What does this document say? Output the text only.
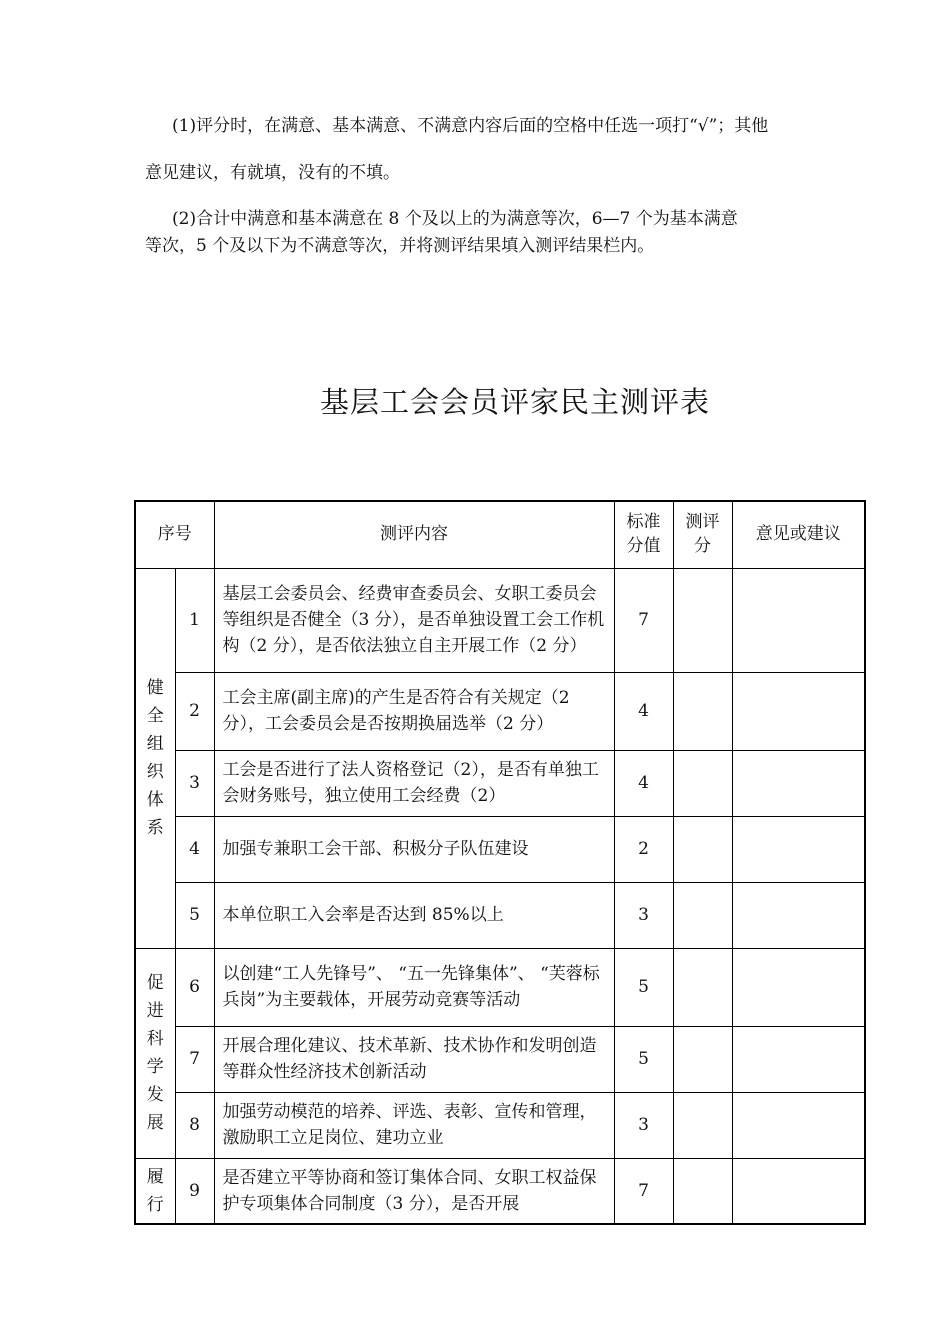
(1)评分时，在满意、基本满意、不满意内容后面的空格中任选一项打“√”；其他
意见建议，有就填，没有的不填。
(2)合计中满意和基本满意在 8 个及以上的为满意等次，6—7 个为基本满意
等次，5 个及以下为不满意等次，并将测评结果填入测评结果栏内。
基层工会会员评家民主测评表
序号		测评内容	标准分值	测评分	意见或建议
健全组织体系	1	基层工会委员会、经费审查委员会、女职工委员会等组织是否健全（3 分），是否单独设置工会工作机构（2 分），是否依法独立自主开展工作（2 分）	7		
	2	工会主席(副主席)的产生是否符合有关规定（2 分），工会委员会是否按期换届选举（2 分）	4		
	3	工会是否进行了法人资格登记（2），是否有单独工会财务账号，独立使用工会经费（2）	4		
	4	加强专兼职工会干部、积极分子队伍建设	2		
	5	本单位职工入会率是否达到 85%以上	3		
促进科学发展	6	以创建“工人先锋号”、 “五一先锋集体”、 “芙蓉标兵岗”为主要载体，开展劳动竞赛等活动	5		
	7	开展合理化建议、技术革新、技术协作和发明创造等群众性经济技术创新活动	5		
	8	加强劳动模范的培养、评选、表彰、宣传和管理，激励职工立足岗位、建功立业	3		
履行	9	是否建立平等协商和签订集体合同、女职工权益保护专项集体合同制度（3 分），是否开展	7		
